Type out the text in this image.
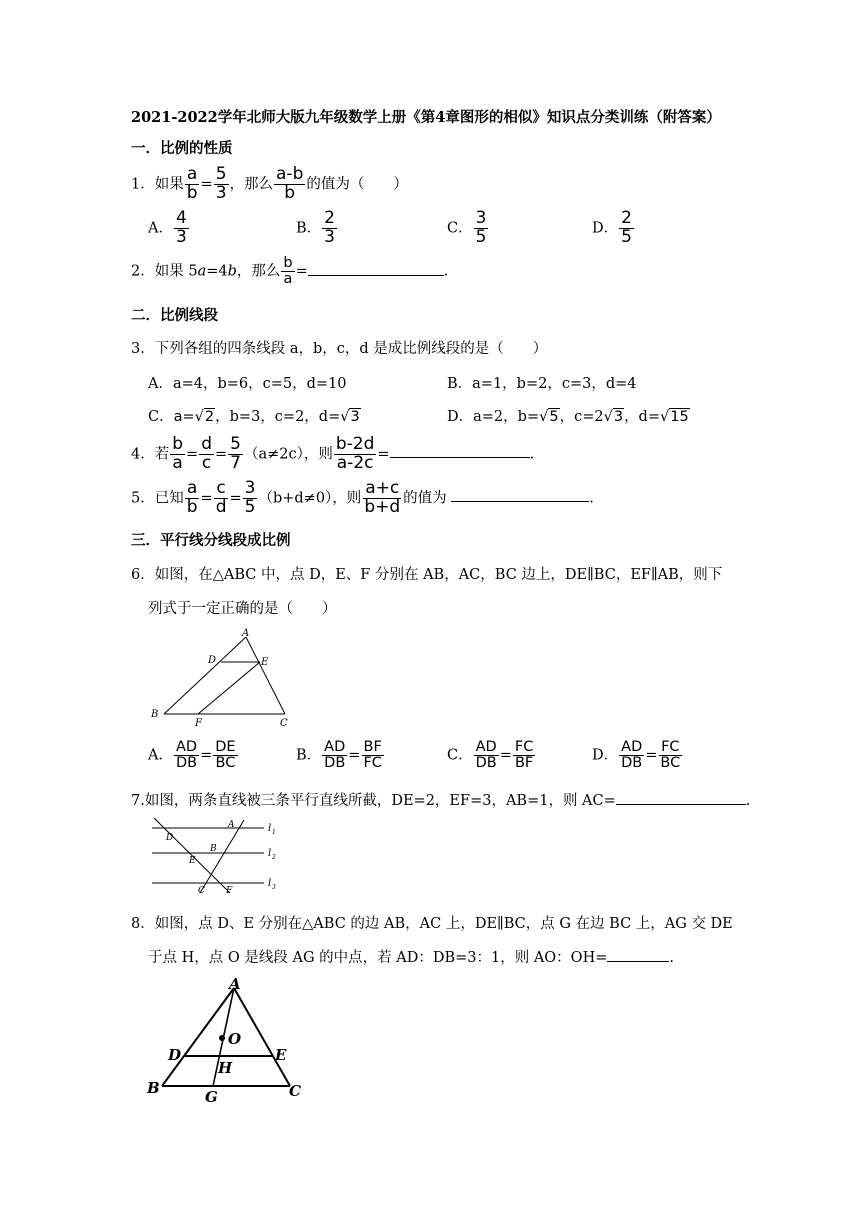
2021-2022学年北师大版九年级数学上册《第4章图形的相似》知识点分类训练（附答案）
一．比例的性质
1．如果 $\frac{a}{b} = \frac{5}{3}$ ，那么 $\frac{a-b}{b}$ 的值为（　　）
A． $\frac{4}{3}$	B． $\frac{2}{3}$	C． $\frac{3}{5}$	D． $\frac{2}{5}$
2．如果 5a=4b，那么 $\frac{b}{a}$ =	.
二．比例线段
3．下列各组的四条线段 a，b，c，d 是成比例线段的是（　　）
A．a=4，b=6，c=5，d=10	B．a=1，b=2，c=3，d=4
C．a=√2，b=3，c=2，d=√3	D．a=2，b=√5，c=2√3，d=√15
4．若 $\frac{b}{a} = \frac{d}{c} = \frac{5}{7} (a\ne 2c)$，则 $\frac{b-2d}{a-2c}$ =	.
5．已知 $\frac{a}{b} = \frac{c}{d} = \frac{3}{5} (b+d\ne 0)$，则 $\frac{a+c}{b+d}$ 的值为	.
三．平行线分线段成比例
6．如图，在△ABC 中，点 D，E、F 分别在 AB，AC，BC 边上，DE∥BC，EF∥AB，则下
列式于一定正确的是（　　）
A
D	E
B
F	C
A． $\frac{AD}{DB} = \frac{DE}{BC}$	B． $\frac{AD}{DB} = \frac{BF}{FC}$	C． $\frac{AD}{DB} = \frac{FC}{BF}$	D． $\frac{AD}{DB} = \frac{FC}{BC}$
7.如图，两条直线被三条平行直线所截，DE=2，EF=3，AB=1，则 AC=	.
A
D
B
E
C F
l 1
l 2
l 3
8．如图，点 D、E 分别在△ABC 的边 AB，AC 上，DE∥BC，点 G 在边 BC 上，AG 交 DE
于点 H，点 O 是线段 AG 的中点，若 AD：DB=3：1，则 AO：OH=	.
A
O
D	E
H
B	G	C
